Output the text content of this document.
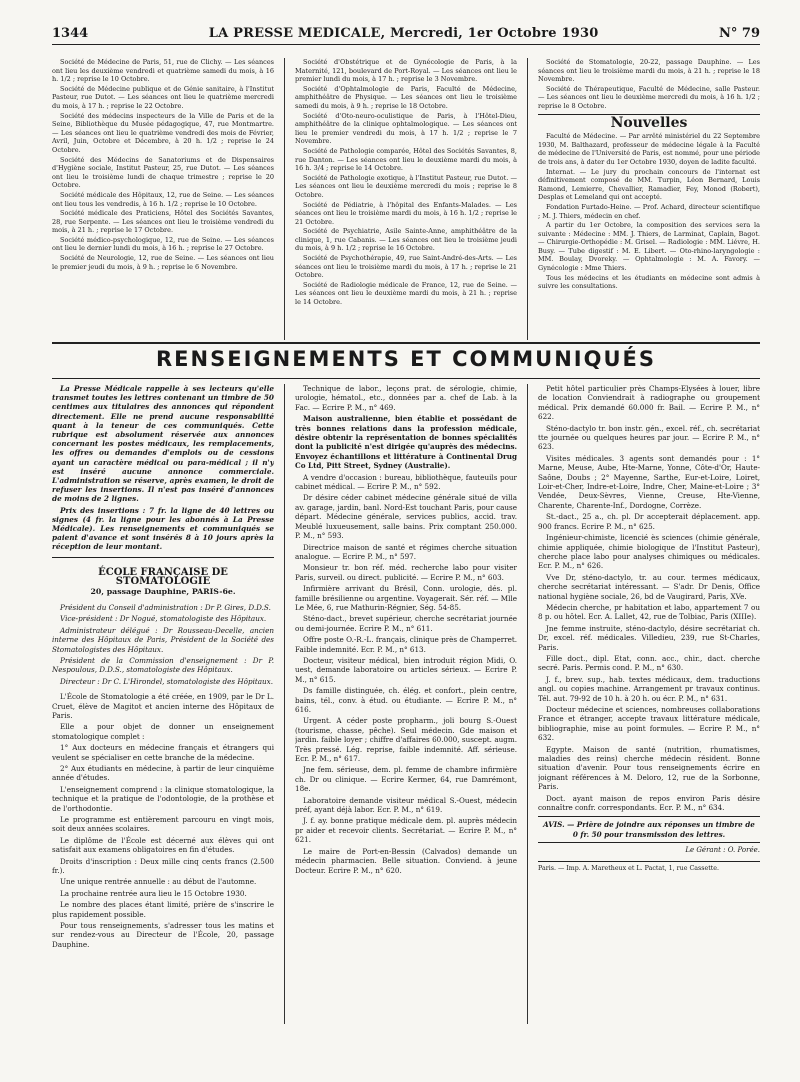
1344	LA PRESSE MEDICALE, Mercredi, 1er Octobre 1930	N° 79

Société de Médecine de Paris, 51, rue de Clichy. — Les séances ont lieu les deuxième vendredi et quatrième samedi du mois, à 16 h. 1/2 ; reprise le 10 Octobre.

Société de Médecine publique et de Génie sanitaire, à l'Institut Pasteur, rue Dutot. — Les séances ont lieu le quatrième mercredi du mois, à 17 h. ; reprise le 22 Octobre.

Société des médecins inspecteurs de la Ville de Paris et de la Seine, Bibliothèque du Musée pédagogique, 47, rue Montmartre. — Les séances ont lieu le quatrième vendredi des mois de Février, Avril, Juin, Octobre et Décembre, à 20 h. 1/2 ; reprise le 24 Octobre.

Société des Médecins de Sanatoriums et de Dispensaires d'Hygiène sociale, Institut Pasteur, 25, rue Dutot. — Les séances ont lieu le troisième lundi de chaque trimestre ; reprise le 20 Octobre.

Société médicale des Hôpitaux, 12, rue de Seine. — Les séances ont lieu tous les vendredis, à 16 h. 1/2 ; reprise le 10 Octobre.

Société médicale des Praticiens, Hôtel des Sociétés Savantes, 28, rue Serpente. — Les séances ont lieu le troisième vendredi du mois, à 21 h. ; reprise le 17 Octobre.

Société médico-psychologique, 12, rue de Seine. — Les séances ont lieu le dernier lundi du mois, à 16 h. ; reprise le 27 Octobre.

Société de Neurologie, 12, rue de Seine. — Les séances ont lieu le premier jeudi du mois, à 9 h. ; reprise le 6 Novembre.

Société d'Obstétrique et de Gynécologie de Paris, à la Maternité, 121, boulevard de Port-Royal. — Les séances ont lieu le premier lundi du mois, à 17 h. ; reprise le 3 Novembre.

Société d'Ophtalmologie de Paris, Faculté de Médecine, amphithéâtre de Physique. — Les séances ont lieu le troisième samedi du mois, à 9 h. ; reprise le 18 Octobre.

Société d'Oto-neuro-oculistique de Paris, à l'Hôtel-Dieu, amphithéâtre de la clinique ophtalmologique. — Les séances ont lieu le premier vendredi du mois, à 17 h. 1/2 ; reprise le 7 Novembre.

Société de Pathologie comparée, Hôtel des Sociétés Savantes, 8, rue Danton. — Les séances ont lieu le deuxième mardi du mois, à 16 h. 3/4 ; reprise le 14 Octobre.

Société de Pathologie exotique, à l'Institut Pasteur, rue Dutot. — Les séances ont lieu le deuxième mercredi du mois ; reprise le 8 Octobre.

Société de Pédiatrie, à l'hôpital des Enfants-Malades. — Les séances ont lieu le troisième mardi du mois, à 16 h. 1/2 ; reprise le 21 Octobre.

Société de Psychiatrie, Asile Sainte-Anne, amphithéâtre de la clinique, 1, rue Cabanis. — Les séances ont lieu le troisième jeudi du mois, à 9 h. 1/2 ; reprise le 16 Octobre.

Société de Psychothérapie, 49, rue Saint-André-des-Arts. — Les séances ont lieu le troisième mardi du mois, à 17 h. ; reprise le 21 Octobre.

Société de Radiologie médicale de France, 12, rue de Seine. — Les séances ont lieu le deuxième mardi du mois, à 21 h. ; reprise le 14 Octobre.

Société de Stomatologie, 20-22, passage Dauphine. — Les séances ont lieu le troisième mardi du mois, à 21 h. ; reprise le 18 Novembre.

Société de Thérapeutique, Faculté de Médecine, salle Pasteur. — Les séances ont lieu le deuxième mercredi du mois, à 16 h. 1/2 ; reprise le 8 Octobre.

Nouvelles

Faculté de Médecine. — Par arrêté ministériel du 22 Septembre 1930, M. Balthazard, professeur de médecine légale à la Faculté de médecine de l'Université de Paris, est nommé, pour une période de trois ans, à dater du 1er Octobre 1930, doyen de ladite faculté.

Internat. — Le jury du prochain concours de l'internat est définitivement composé de MM. Turpin, Léon Bernard, Louis Ramond, Lemierre, Chevallier, Ramadier, Fey, Monod (Robert), Desplas et Lemeland qui ont accepté.

Fondation Furtado-Heine. — Prof. Achard, directeur scientifique ; M. J. Thiers, médecin en chef.

A partir du 1er Octobre, la composition des services sera la suivante : Médecine : MM. J. Thiers, de Larminat, Caplain, Bagot. — Chirurgie-Orthopédie : M. Grisel. — Radiologie : MM. Liévre, H. Busy. — Tube digestif : M. E. Libert. — Oto-rhino-laryngologie : MM. Boulay, Dvoreky. — Ophtalmologie : M. A. Favory. — Gynécologie : Mme Thiers.

Tous les médecins et les étudiants en médecine sont admis à suivre les consultations.

RENSEIGNEMENTS ET COMMUNIQUÉS

La Presse Médicale rappelle à ses lecteurs qu'elle transmet toutes les lettres contenant un timbre de 50 centimes aux titulaires des annonces qui répondent directement. Elle ne prend aucune responsabilité quant à la teneur de ces communiqués. Cette rubrique est absolument réservée aux annonces concernant les postes médicaux, les remplacements, les offres ou demandes d'emplois ou de cessions ayant un caractère médical ou para-médical ; il n'y est inséré aucune annonce commerciale. L'administration se réserve, après examen, le droit de refuser les insertions. Il n'est pas inséré d'annonces de moins de 2 lignes.

Prix des insertions : 7 fr. la ligne de 40 lettres ou signes (4 fr. la ligne pour les abonnés à La Presse Médicale). Les renseignements et communiqués se paient d'avance et sont insérés 8 à 10 jours après la réception de leur montant.

ÉCOLE FRANÇAISE DE STOMATOLOGIE
20, passage Dauphine, PARIS-6e.

Président du Conseil d'administration : Dr P. Gires, D.D.S.

Vice-président : Dr Nogué, stomatologiste des Hôpitaux.

Administrateur délégué : Dr Rousseau-Decelle, ancien interne des Hôpitaux de Paris, Président de la Société des Stomatologistes des Hôpitaux.

Président de la Commission d'enseignement : Dr P. Nespoulous, D.D.S., stomatologiste des Hôpitaux.

Directeur : Dr C. L'Hirondel, stomatologiste des Hôpitaux.

L'École de Stomatologie a été créée, en 1909, par le Dr L. Cruet, élève de Magitot et ancien interne des Hôpitaux de Paris.

Elle a pour objet de donner un enseignement stomatologique complet :

1° Aux docteurs en médecine français et étrangers qui veulent se spécialiser en cette branche de la médecine.

2° Aux étudiants en médecine, à partir de leur cinquième année d'études.

L'enseignement comprend : la clinique stomatologique, la technique et la pratique de l'odontologie, de la prothèse et de l'orthodontie.

Le programme est entièrement parcouru en vingt mois, soit deux années scolaires.

Le diplôme de l'École est décerné aux élèves qui ont satisfait aux examens obligatoires en fin d'études.

Droits d'inscription : Deux mille cinq cents francs (2.500 fr.).

Une unique rentrée annuelle : au début de l'automne.

La prochaine rentrée aura lieu le 15 Octobre 1930.

Le nombre des places étant limité, prière de s'inscrire le plus rapidement possible.

Pour tous renseignements, s'adresser tous les matins et sur rendez-vous au Directeur de l'École, 20, passage Dauphine.

Technique de labor., leçons prat. de sérologie, chimie, urologie, hématol., etc., données par a. chef de Lab. à la Fac. — Ecrire P. M., n° 469.

Maison australienne, bien établie et possédant de très bonnes relations dans la profession médicale, désire obtenir la représentation de bonnes spécialités dont la publicité n'est dirigée qu'auprès des médecins. Envoyez échantillons et littérature à Continental Drug Co Ltd, Pitt Street, Sydney (Australie).

A vendre d'occasion : bureau, bibliothèque, fauteuils pour cabinet médical. — Ecrire P. M., n° 592.

Dr désire céder cabinet médecine générale situé de villa av. garage, jardin, banl. Nord-Est touchant Paris, pour cause départ. Médecine générale, services publics, accid. trav. Meublé luxueusement, salle bains. Prix comptant 250.000. P. M., n° 593.

Directrice maison de santé et régimes cherche situation analogue. — Ecrire P. M., n° 597.

Monsieur tr. bon réf. méd. recherche labo pour visiter Paris, surveil. ou direct. publicité. — Ecrire P. M., n° 603.

Infirmière arrivant du Brésil, Conn. urologie, dés. pl. famille brésilienne ou argentine. Voyagerait. Sér. réf. — Mlle Le Mée, 6, rue Mathurin-Régnier, Ség. 54-85.

Sténo-dact., brevet supérieur, cherche secrétariat journée ou demi-journée. Ecrire P. M., n° 611.

Offre poste O.-R.-L. français, clinique près de Champerret. Faible indemnité. Ecr. P. M., n° 613.

Docteur, visiteur médical, bien introduit région Midi, O. uest, demande laboratoire ou articles sérieux. — Ecrire P. M., n° 615.

Ds famille distinguée, ch. élég. et confort., plein centre, bains, tél., conv. à étud. ou étudiante. — Ecrire P. M., n° 616.

Urgent. A céder poste propharm., joli bourg S.-Ouest (tourisme, chasse, pêche). Seul médecin. Gde maison et jardin. faible loyer ; chiffre d'affaires 60.000, suscept. augm. Très pressé. Lég. reprise, faible indemnité. Aff. sérieuse. Ecr. P. M., n° 617.

Jne fem. sérieuse, dem. pl. femme de chambre infirmière ch. Dr ou clinique. — Ecrire Kermer, 64, rue Damrémont, 18e.

Laboratoire demande visiteur médical S.-Ouest, médecin préf, ayant déjà labor. Ecr. P. M., n° 619.

J. f. ay. bonne pratique médicale dem. pl. auprès médecin pr aider et recevoir clients. Secrétariat. — Ecrire P. M., n° 621.

Le maire de Port-en-Bessin (Calvados) demande un médecin pharmacien. Belle situation. Conviend. à jeune Docteur. Ecrire P. M., n° 620.

Petit hôtel particulier près Champs-Elysées à louer, libre de location Conviendrait à radiographe ou groupement médical. Prix demandé 60.000 fr. Bail. — Ecrire P. M., n° 622.

Sténo-dactylo tr. bon instr. gén., excel. réf., ch. secrétariat tte journée ou quelques heures par jour. — Ecrire P. M., n° 623.

Visites médicales. 3 agents sont demandés pour : 1° Marne, Meuse, Aube, Hte-Marne, Yonne, Côte-d'Or, Haute-Saône, Doubs ; 2° Mayenne, Sarthe, Eur-et-Loire, Loiret, Loir-et-Cher, Indre-et-Loire, Indre, Cher, Maine-et-Loire ; 3° Vendée, Deux-Sèvres, Vienne, Creuse, Hte-Vienne, Charente, Charente-Inf., Dordogne, Corrèze.

St.-dact., 25 a., ch. pl. Dr accepterait déplacement. app. 900 francs. Ecrire P. M., n° 625.

Ingénieur-chimiste, licencié ès sciences (chimie générale, chimie appliquée, chimie biologique de l'Institut Pasteur), cherche place labo pour analyses chimiques ou médicales. Ecr. P. M., n° 626.

Vve Dr, sténo-dactylo, tr. au cour. termes médicaux, cherche secrétariat intéressant. — S'adr. Dr Denis, Office national hygiène sociale, 26, bd de Vaugirard, Paris, XVe.

Médecin cherche, pr habitation et labo, appartement 7 ou 8 p. ou hôtel. Ecr. A. Lallet, 42, rue de Tolbiac, Paris (XIIIe).

Jne femme instruite, sténo-dactylo, désire secrétariat ch. Dr, excel. réf. médicales. Villedieu, 239, rue St-Charles, Paris.

Fille doct., dipl. Etat, conn. acc., chir., dact. cherche secré. Paris. Permis cond. P. M., n° 630.

J. f., brev. sup., hab. textes médicaux, dem. traductions angl. ou copies machine. Arrangement pr travaux continus. Tél. aut. 79-92 de 10 h. à 20 h. ou écr. P. M., n° 631.

Docteur médecine et sciences, nombreuses collaborations France et étranger, accepte travaux littérature médicale, bibliographie, mise au point formules. — Ecrire P. M., n° 632.

Egypte. Maison de santé (nutrition, rhumatismes, maladies des reins) cherche médecin résident. Bonne situation d'avenir. Pour tous renseignements écrire en joignant références à M. Deloro, 12, rue de la Sorbonne, Paris.

Doct. ayant maison de repos environ Paris désire connaître confr. correspondants. Ecr. P. M., n° 634.

AVIS. — Prière de joindre aux réponses un timbre de 0 fr. 50 pour transmission des lettres.
Le Gérant : O. Porée.
Paris. — Imp. A. Maretheux et L. Pactat, 1, rue Cassette.
